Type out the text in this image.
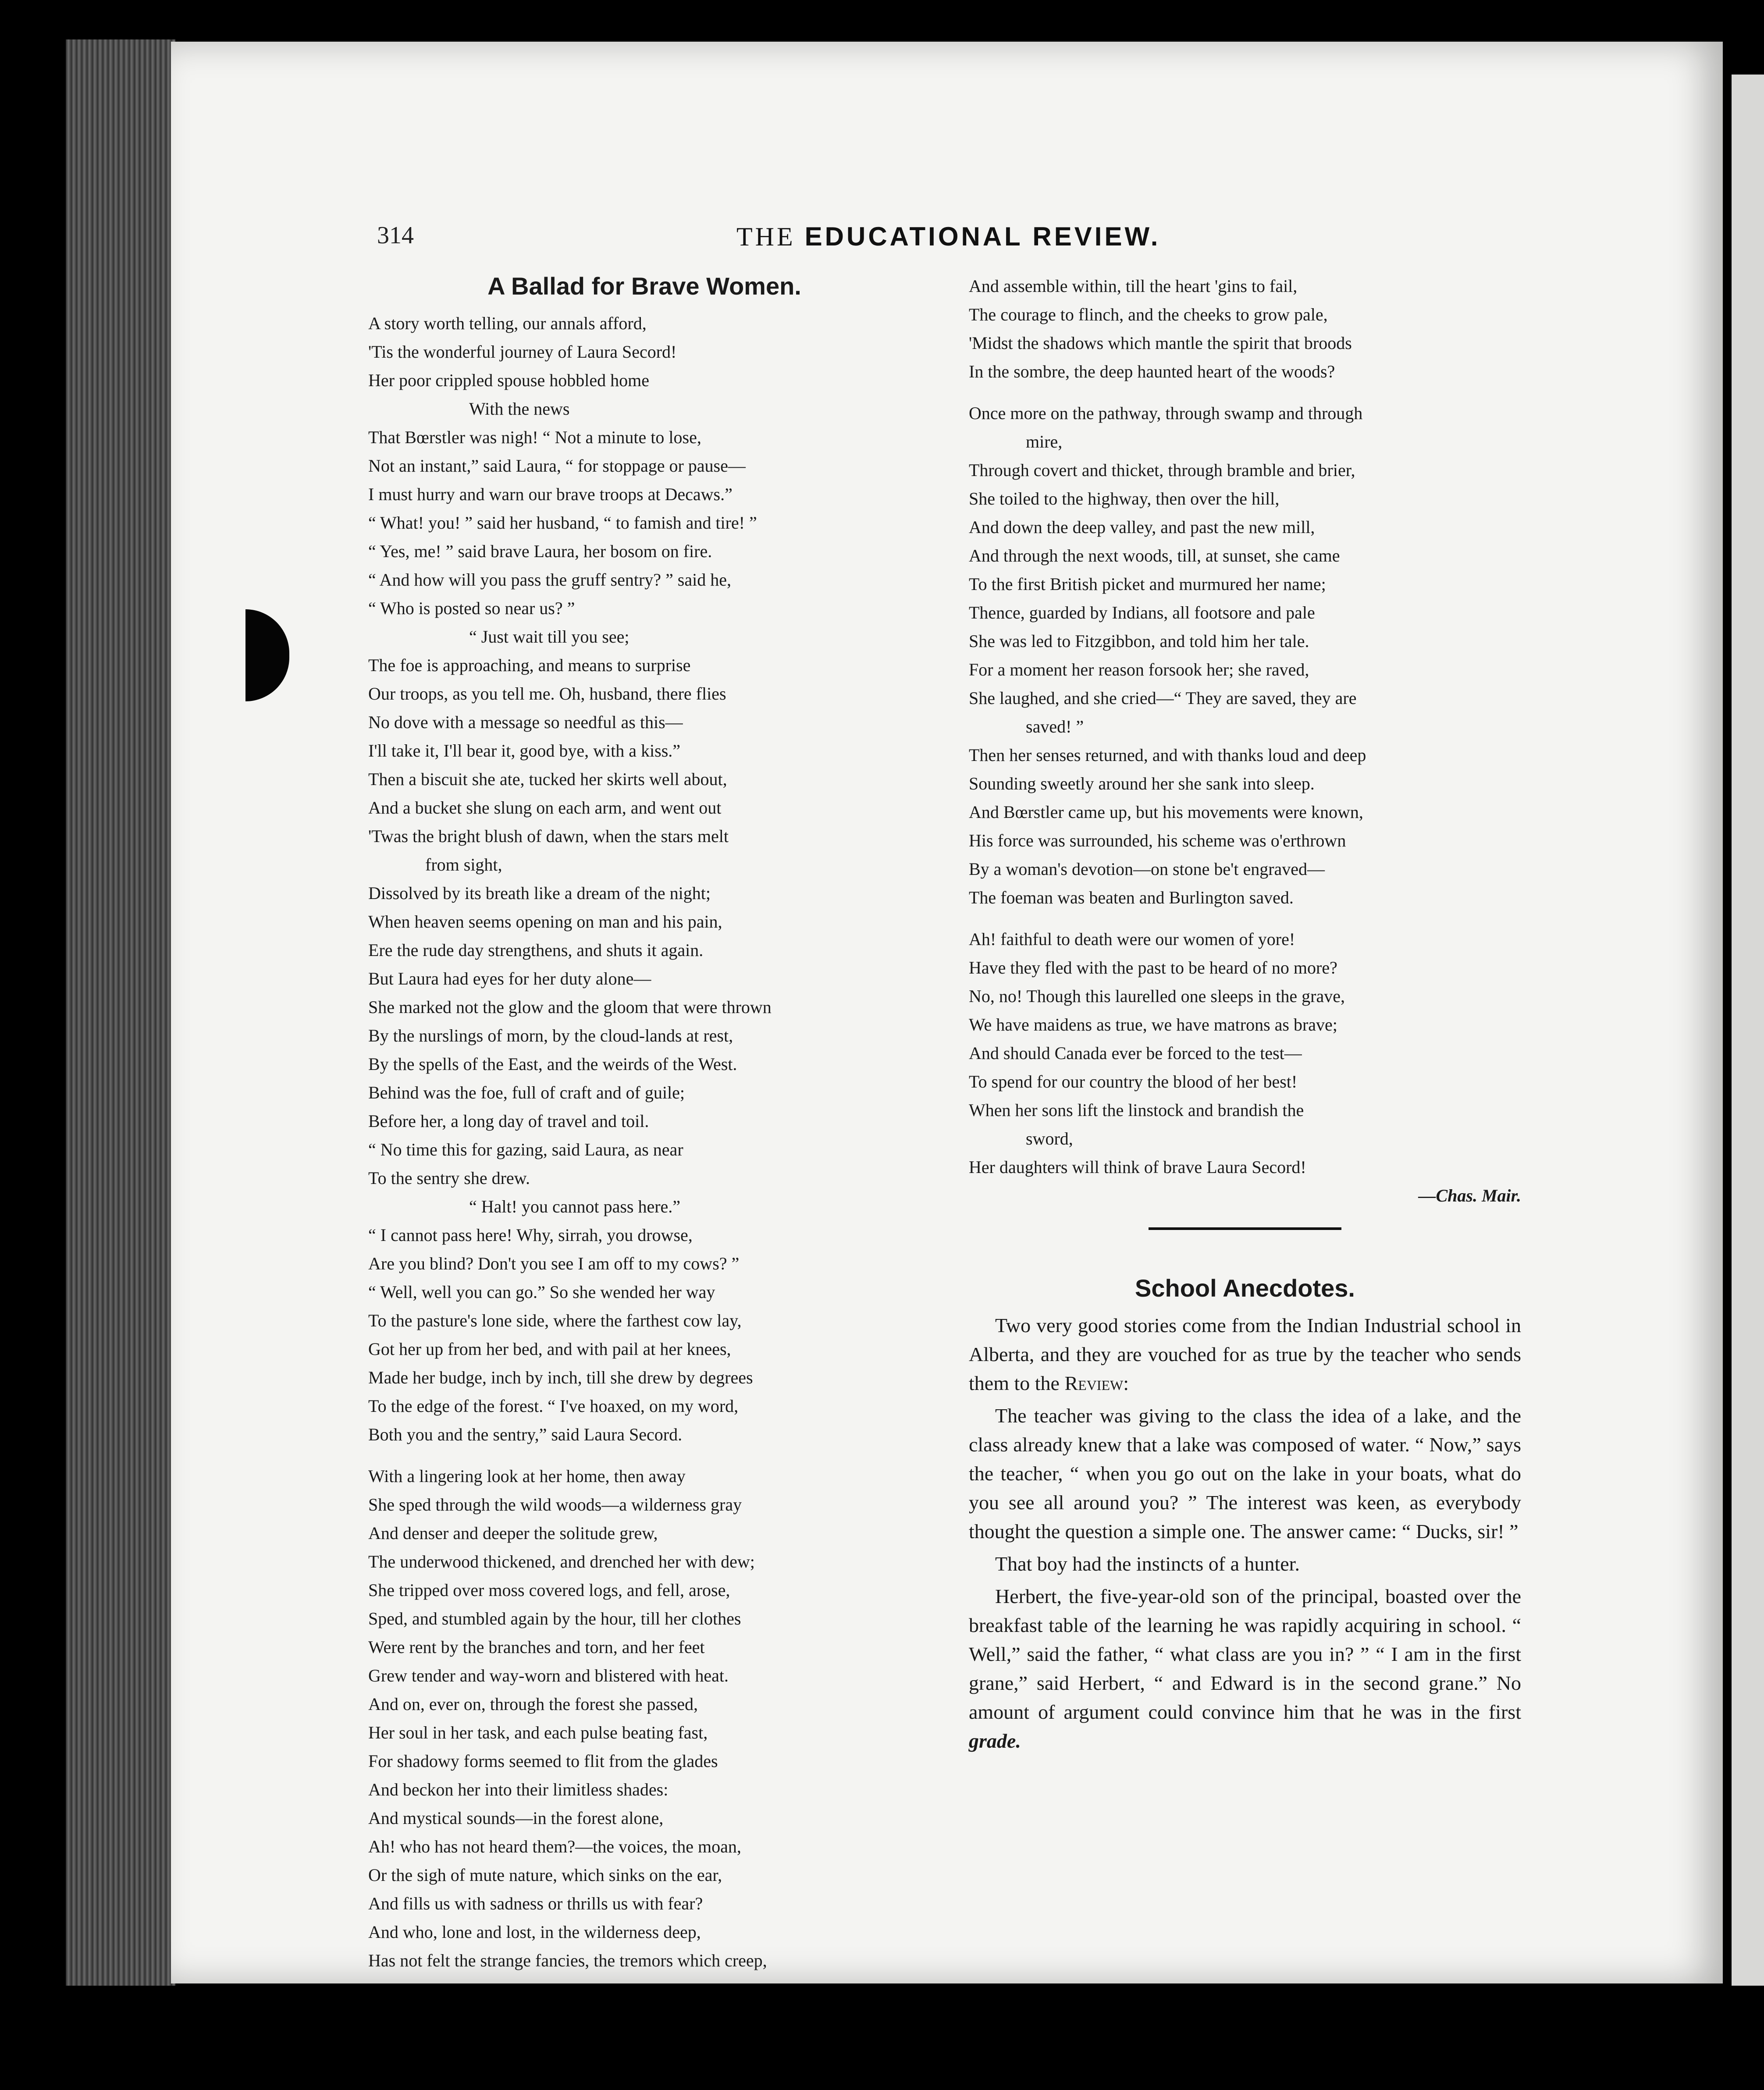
314	THE EDUCATIONAL REVIEW.
A Ballad for Brave Women.
A story worth telling, our annals afford,
'Tis the wonderful journey of Laura Secord!
Her poor crippled spouse hobbled home
With the news
That Bœrstler was nigh! “ Not a minute to lose,
Not an instant,” said Laura, “ for stoppage or pause—
I must hurry and warn our brave troops at Decaws.”
“ What! you! ” said her husband, “ to famish and tire! ”
“ Yes, me! ” said brave Laura, her bosom on fire.
“ And how will you pass the gruff sentry? ” said he,
“ Who is posted so near us? ”
“ Just wait till you see;
The foe is approaching, and means to surprise
Our troops, as you tell me. Oh, husband, there flies
No dove with a message so needful as this—
I'll take it, I'll bear it, good bye, with a kiss.”
Then a biscuit she ate, tucked her skirts well about,
And a bucket she slung on each arm, and went out
'Twas the bright blush of dawn, when the stars melt
from sight,
Dissolved by its breath like a dream of the night;
When heaven seems opening on man and his pain,
Ere the rude day strengthens, and shuts it again.
But Laura had eyes for her duty alone—
She marked not the glow and the gloom that were thrown
By the nurslings of morn, by the cloud-lands at rest,
By the spells of the East, and the weirds of the West.
Behind was the foe, full of craft and of guile;
Before her, a long day of travel and toil.
“ No time this for gazing, said Laura, as near
To the sentry she drew.
“ Halt! you cannot pass here.”
“ I cannot pass here! Why, sirrah, you drowse,
Are you blind? Don't you see I am off to my cows? ”
“ Well, well you can go.” So she wended her way
To the pasture's lone side, where the farthest cow lay,
Got her up from her bed, and with pail at her knees,
Made her budge, inch by inch, till she drew by degrees
To the edge of the forest. “ I've hoaxed, on my word,
Both you and the sentry,” said Laura Secord.
With a lingering look at her home, then away
She sped through the wild woods—a wilderness gray
And denser and deeper the solitude grew,
The underwood thickened, and drenched her with dew;
She tripped over moss covered logs, and fell, arose,
Sped, and stumbled again by the hour, till her clothes
Were rent by the branches and torn, and her feet
Grew tender and way-worn and blistered with heat.
And on, ever on, through the forest she passed,
Her soul in her task, and each pulse beating fast,
For shadowy forms seemed to flit from the glades
And beckon her into their limitless shades:
And mystical sounds—in the forest alone,
Ah! who has not heard them?—the voices, the moan,
Or the sigh of mute nature, which sinks on the ear,
And fills us with sadness or thrills us with fear?
And who, lone and lost, in the wilderness deep,
Has not felt the strange fancies, the tremors which creep,
And assemble within, till the heart 'gins to fail,
The courage to flinch, and the cheeks to grow pale,
'Midst the shadows which mantle the spirit that broods
In the sombre, the deep haunted heart of the woods?
Once more on the pathway, through swamp and through
mire,
Through covert and thicket, through bramble and brier,
She toiled to the highway, then over the hill,
And down the deep valley, and past the new mill,
And through the next woods, till, at sunset, she came
To the first British picket and murmured her name;
Thence, guarded by Indians, all footsore and pale
She was led to Fitzgibbon, and told him her tale.
For a moment her reason forsook her; she raved,
She laughed, and she cried—“ They are saved, they are
saved! ”
Then her senses returned, and with thanks loud and deep
Sounding sweetly around her she sank into sleep.
And Bœrstler came up, but his movements were known,
His force was surrounded, his scheme was o'erthrown
By a woman's devotion—on stone be't engraved—
The foeman was beaten and Burlington saved.
Ah! faithful to death were our women of yore!
Have they fled with the past to be heard of no more?
No, no! Though this laurelled one sleeps in the grave,
We have maidens as true, we have matrons as brave;
And should Canada ever be forced to the test—
To spend for our country the blood of her best!
When her sons lift the linstock and brandish the
sword,
Her daughters will think of brave Laura Secord!
—Chas. Mair.
School Anecdotes.

Two very good stories come from the Indian Industrial school in Alberta, and they are vouched for as true by the teacher who sends them to the Review:

The teacher was giving to the class the idea of a lake, and the class already knew that a lake was composed of water. “ Now,” says the teacher, “ when you go out on the lake in your boats, what do you see all around you? ” The interest was keen, as everybody thought the question a simple one. The answer came: “ Ducks, sir! ”

That boy had the instincts of a hunter.

Herbert, the five-year-old son of the principal, boasted over the breakfast table of the learning he was rapidly acquiring in school. “ Well,” said the father, “ what class are you in? ” “ I am in the first grane,” said Herbert, “ and Edward is in the second grane.” No amount of argument could convince him that he was in the first grade.
